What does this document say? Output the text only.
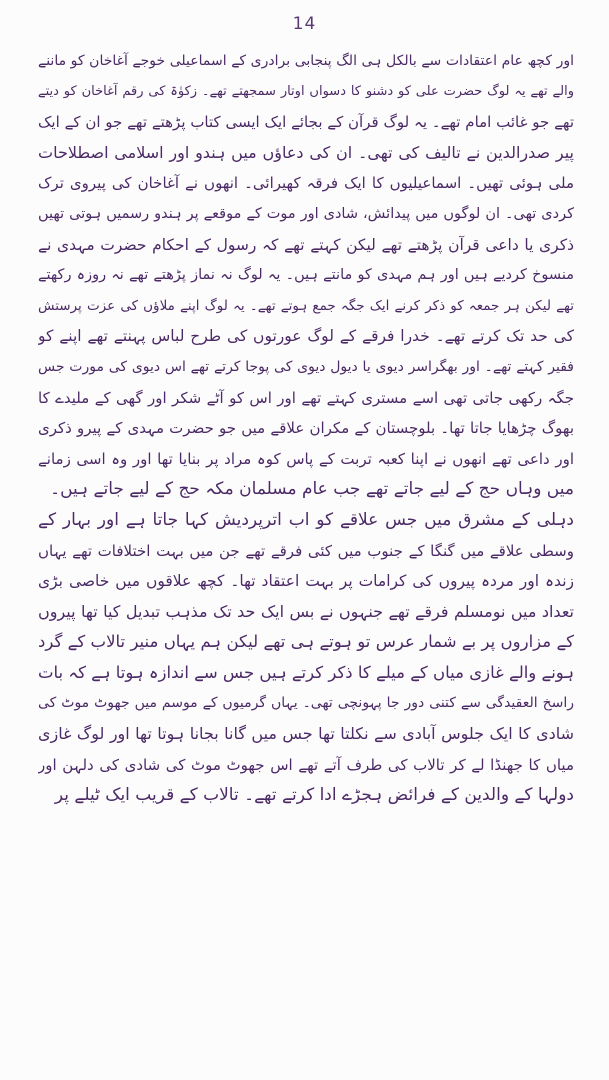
14
اور کچھ عام اعتقادات سے بالکل ہی الگ پنجابی برادری کے اسماعیلی خوجے آغاخان کو ماننے
والے تھے یہ لوگ حضرت علی کو دشنو کا دسواں اوتار سمجھتے تھے۔ زکوٰۃ کی رقم آغاخان کو دیتے
تھے جو غائب امام تھے۔ یہ لوگ قرآن کے بجائے ایک ایسی کتاب پڑھتے تھے جو ان کے ایک
پیر صدرالدین نے تالیف کی تھی۔ ان کی دعاؤں میں ہندو اور اسلامی اصطلاحات
ملی ہوئی تھیں۔ اسماعیلیوں کا ایک فرقہ کھیرائی۔ انھوں نے آغاخان کی پیروی ترک
کردی تھی۔ ان لوگوں میں پیدائش، شادی اور موت کے موقعے پر ہندو رسمیں ہوتی تھیں
ذکری یا داعی قرآن پڑھتے تھے لیکن کہتے تھے کہ رسول کے احکام حضرت مہدی نے
منسوخ کردیے ہیں اور ہم مہدی کو مانتے ہیں۔ یہ لوگ نہ نماز پڑھتے تھے نہ روزہ رکھتے
تھے لیکن ہر جمعہ کو ذکر کرنے ایک جگہ جمع ہوتے تھے۔ یہ لوگ اپنے ملاؤں کی عزت پرستش
کی حد تک کرتے تھے۔ خدرا فرقے کے لوگ عورتوں کی طرح لباس پہنتے تھے اپنے کو
فقیر کہتے تھے۔ اور بھگراسر دیوی یا دیول دیوی کی پوجا کرتے تھے اس دیوی کی مورت جس
جگہ رکھی جاتی تھی اسے مستری کہتے تھے اور اس کو آٹے شکر اور گھی کے ملیدے کا
بھوگ چڑھایا جاتا تھا۔ بلوچستان کے مکران علاقے میں جو حضرت مہدی کے پیرو ذکری
اور داعی تھے انھوں نے اپنا کعبہ تربت کے پاس کوہ مراد پر بنایا تھا اور وہ اسی زمانے
میں وہاں حج کے لیے جاتے تھے جب عام مسلمان مکہ حج کے لیے جاتے ہیں۔
دہلی کے مشرق میں جس علاقے کو اب اترپردیش کہا جاتا ہے اور بہار کے
وسطی علاقے میں گنگا کے جنوب میں کئی فرقے تھے جن میں بہت اختلافات تھے یہاں
زندہ اور مردہ پیروں کی کرامات پر بہت اعتقاد تھا۔ کچھ علاقوں میں خاصی بڑی
تعداد میں نومسلم فرقے تھے جنہوں نے بس ایک حد تک مذہب تبدیل کیا تھا پیروں
کے مزاروں پر بے شمار عرس تو ہوتے ہی تھے لیکن ہم یہاں منیر تالاب کے گرد
ہونے والے غازی میاں کے میلے کا ذکر کرتے ہیں جس سے اندازہ ہوتا ہے کہ بات
راسخ العقیدگی سے کتنی دور جا پہونچی تھی۔ یہاں گرمیوں کے موسم میں جھوٹ موٹ کی
شادی کا ایک جلوس آبادی سے نکلتا تھا جس میں گانا بجانا ہوتا تھا اور لوگ غازی
میاں کا جھنڈا لے کر تالاب کی طرف آتے تھے اس جھوٹ موٹ کی شادی کی دلہن اور
دولہا کے والدین کے فرائض ہجڑے ادا کرتے تھے۔ تالاب کے قریب ایک ٹیلے پر
